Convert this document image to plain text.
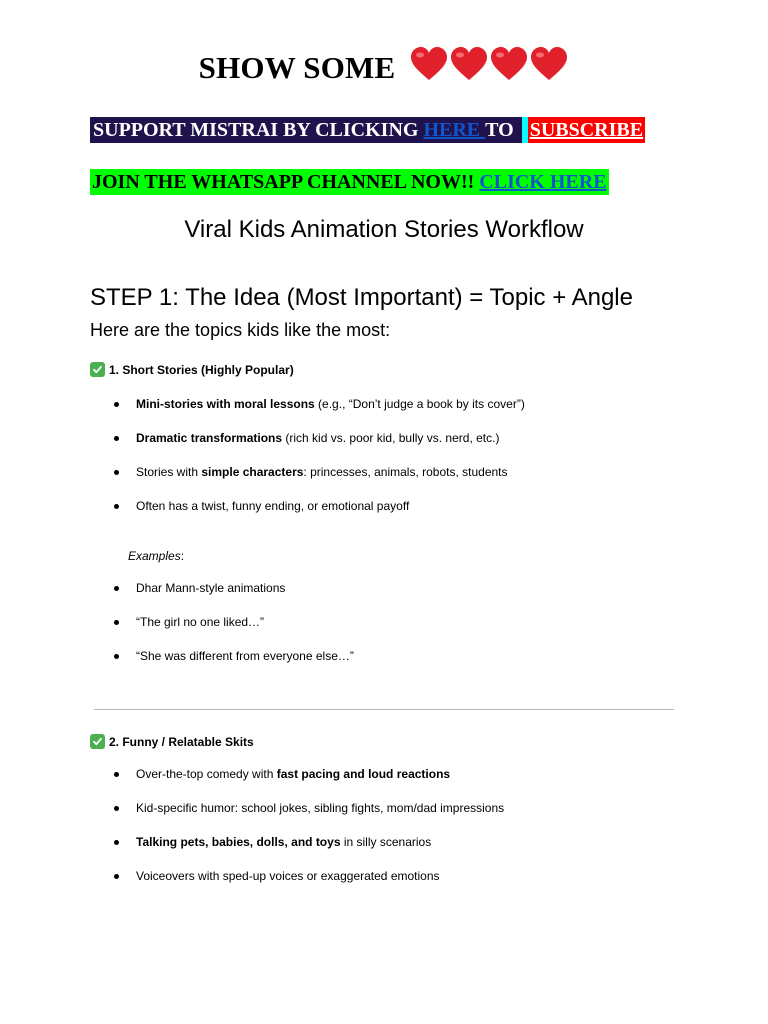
SHOW SOME
SUPPORT MISTRAI BY CLICKING HERE TO SUBSCRIBE
JOIN THE WHATSAPP CHANNEL NOW!! CLICK HERE
Viral Kids Animation Stories Workflow
STEP 1: The Idea (Most Important) = Topic + Angle
Here are the topics kids like the most:
1. Short Stories (Highly Popular)
Mini-stories with moral lessons (e.g., “Don’t judge a book by its cover”)
Dramatic transformations (rich kid vs. poor kid, bully vs. nerd, etc.)
Stories with simple characters: princesses, animals, robots, students
Often has a twist, funny ending, or emotional payoff
Examples:
Dhar Mann-style animations
“The girl no one liked…”
“She was different from everyone else…”
2. Funny / Relatable Skits
Over-the-top comedy with fast pacing and loud reactions
Kid-specific humor: school jokes, sibling fights, mom/dad impressions
Talking pets, babies, dolls, and toys in silly scenarios
Voiceovers with sped-up voices or exaggerated emotions
